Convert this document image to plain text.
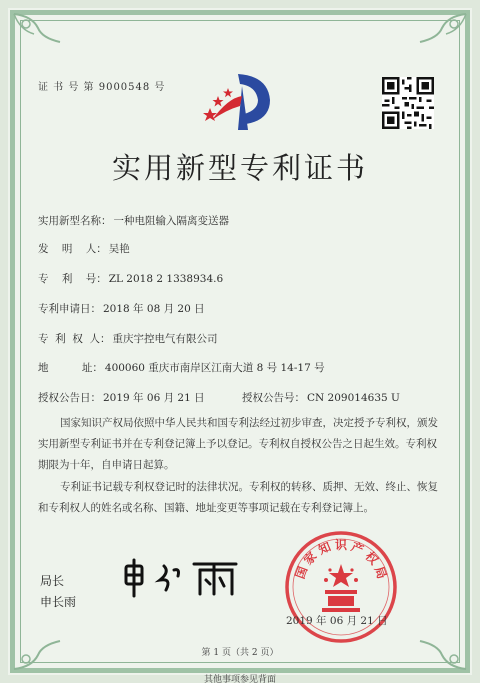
证 书 号 第 9000548 号
实用新型专利证书
实用新型名称： 一种电阻输入隔离变送器
发    明    人： 吴艳
专    利    号： ZL 2018 2 1338934.6
专利申请日： 2018 年 08 月 20 日
专  利  权  人： 重庆宇控电气有限公司
地          址： 400060 重庆市南岸区江南大道 8 号 14-17 号
授权公告日： 2019 年 06 月 21 日	授权公告号： CN 209014635 U
国家知识产权局依照中华人民共和国专利法经过初步审查，决定授予专利权，颁发实用新型专利证书并在专利登记簿上予以登记。专利权自授权公告之日起生效。专利权期限为十年，自申请日起算。
专利证书记载专利权登记时的法律状况。专利权的转移、质押、无效、终止、恢复和专利权人的姓名或名称、国籍、地址变更等事项记载在专利登记簿上。
局长
申长雨
国
家
知 识 产
权
局
2019 年 06 月 21 日
第 1 页（共 2 页）
其他事项参见背面
